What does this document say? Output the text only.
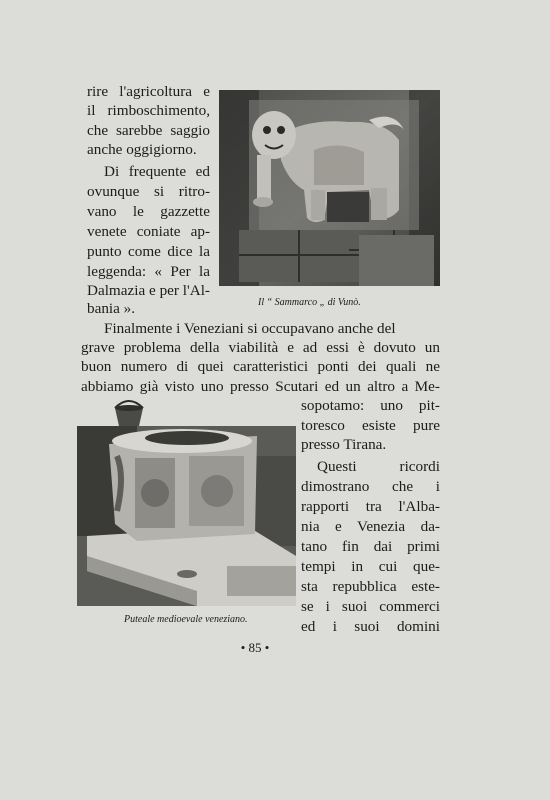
rire l'agricoltura e
il rimboschimento,
che sarebbe saggio
anche oggigiorno.
Di frequente ed
ovunque si ritro-
vano le gazzette
venete coniate ap-
punto come dice la
leggenda: « Per la
Dalmazia e per l'Al-
bania ».	Il “ Sammarco „ di Vunò.
Finalmente i Veneziani si occupavano anche del
grave problema della viabilità e ad essi è dovuto un
buon numero di quei caratteristici ponti dei quali ne
abbiamo già visto uno presso Scutari ed un altro a Me-
Puteale medioevale veneziano.
sopotamo: uno pit-
toresco esiste pure
presso Tirana.
Questi ricordi
dimostrano che i
rapporti tra l'Alba-
nia e Venezia da-
tano fin dai primi
tempi in cui que-
sta repubblica este-
se i suoi commerci
ed i suoi domini
• 85 •
